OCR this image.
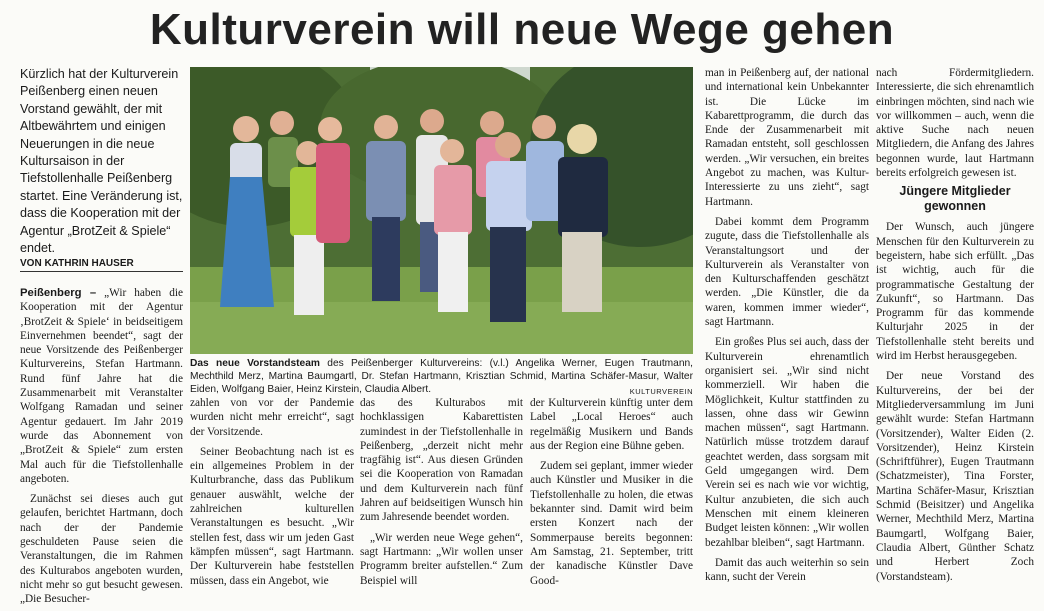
Kulturverein will neue Wege gehen

Kürzlich hat der Kulturverein Peißenberg einen neuen Vorstand gewählt, der mit Altbewährtem und einigen Neuerungen in die neue Kultursaison in der Tiefstollenhalle Peißenberg startet. Eine Veränderung ist, dass die Kooperation mit der Agentur „BrotZeit & Spiele“ endet.

VON KATHRIN HAUSER

Peißenberg – „Wir haben die Kooperation mit der Agentur ‚BrotZeit & Spiele‘ in beidseitigem Einvernehmen beendet“, sagt der neue Vorsitzende des Peißenberger Kulturvereins, Stefan Hartmann. Rund fünf Jahre hat die Zusammenarbeit mit Veranstalter Wolfgang Ramadan und seiner Agentur gedauert. Im Jahr 2019 wurde das Abonnement von „BrotZeit & Spiele“ zum ersten Mal auch für die Tiefstollenhalle angeboten.

Zunächst sei dieses auch gut gelaufen, berichtet Hartmann, doch nach der der Pandemie geschuldeten Pause seien die Veranstaltungen, die im Rahmen des Kulturabos angeboten wurden, nicht mehr so gut besucht gewesen. „Die Besucher-

Das neue Vorstandsteam des Peißenberger Kulturvereins: (v.l.) Angelika Werner, Eugen Trautmann, Mechthild Merz, Martina Baumgartl, Dr. Stefan Hartmann, Krisztian Schmid, Martina Schäfer-Masur, Walter Eiden, Wolfgang Baier, Heinz Kirstein, Claudia Albert.	KULTURVEREIN

zahlen von vor der Pandemie wurden nicht mehr erreicht“, sagt der Vorsitzende.

Seiner Beobachtung nach ist es ein allgemeines Problem in der Kulturbranche, dass das Publikum genauer auswählt, welche der zahlreichen kulturellen Veranstaltungen es besucht. „Wir stellen fest, dass wir um jeden Gast kämpfen müssen“, sagt Hartmann. Der Kulturverein habe feststellen müssen, dass ein Angebot, wie

das des Kulturabos mit hochklassigen Kabarettisten zumindest in der Tiefstollenhalle in Peißenberg, „derzeit nicht mehr tragfähig ist“. Aus diesen Gründen sei die Kooperation von Ramadan und dem Kulturverein nach fünf Jahren auf beidseitigen Wunsch hin zum Jahresende beendet worden.

„Wir werden neue Wege gehen“, sagt Hartmann: „Wir wollen unser Programm breiter aufstellen.“ Zum Beispiel will

der Kulturverein künftig unter dem Label „Local Heroes“ auch regelmäßig Musikern und Bands aus der Region eine Bühne geben.

Zudem sei geplant, immer wieder auch Künstler und Musiker in die Tiefstollenhalle zu holen, die etwas bekannter sind. Damit wird beim ersten Konzert nach der Sommerpause bereits begonnen: Am Samstag, 21. September, tritt der kanadische Künstler Dave Good-

man in Peißenberg auf, der national und international kein Unbekannter ist. Die Lücke im Kabarettprogramm, die durch das Ende der Zusammenarbeit mit Ramadan entsteht, soll geschlossen werden. „Wir versuchen, ein breites Angebot zu machen, was Kultur-Interessierte zu uns zieht“, sagt Hartmann.

Dabei kommt dem Programm zugute, dass die Tiefstollenhalle als Veranstaltungsort und der Kulturverein als Veranstalter von den Kulturschaffenden geschätzt werden. „Die Künstler, die da waren, kommen immer wieder“, sagt Hartmann.

Ein großes Plus sei auch, dass der Kulturverein ehrenamtlich organisiert sei. „Wir sind nicht kommerziell. Wir haben die Möglichkeit, Kultur stattfinden zu lassen, ohne dass wir Gewinn machen müssen“, sagt Hartmann. Natürlich müsse trotzdem darauf geachtet werden, dass sorgsam mit Geld umgegangen wird. Dem Verein sei es nach wie vor wichtig, Kultur anzubieten, die sich auch Menschen mit einem kleineren Budget leisten können: „Wir wollen bezahlbar bleiben“, sagt Hartmann.

Damit das auch weiterhin so sein kann, sucht der Verein

nach Fördermitgliedern. Interessierte, die sich ehrenamtlich einbringen möchten, sind nach wie vor willkommen – auch, wenn die aktive Suche nach neuen Mitgliedern, die Anfang des Jahres begonnen wurde, laut Hartmann bereits erfolgreich gewesen ist.

Jüngere Mitglieder gewonnen

Der Wunsch, auch jüngere Menschen für den Kulturverein zu begeistern, habe sich erfüllt. „Das ist wichtig, auch für die programmatische Gestaltung der Zukunft“, so Hartmann. Das Programm für das kommende Kulturjahr 2025 in der Tiefstollenhalle steht bereits und wird im Herbst herausgegeben.

Der neue Vorstand des Kulturvereins, der bei der Mitgliederversammlung im Juni gewählt wurde: Stefan Hartmann (Vorsitzender), Walter Eiden (2. Vorsitzender), Heinz Kirstein (Schriftführer), Eugen Trautmann (Schatzmeister), Tina Forster, Martina Schäfer-Masur, Krisztian Schmid (Beisitzer) und Angelika Werner, Mechthild Merz, Martina Baumgartl, Wolfgang Baier, Claudia Albert, Günther Schatz und Herbert Zoch (Vorstandsteam).
